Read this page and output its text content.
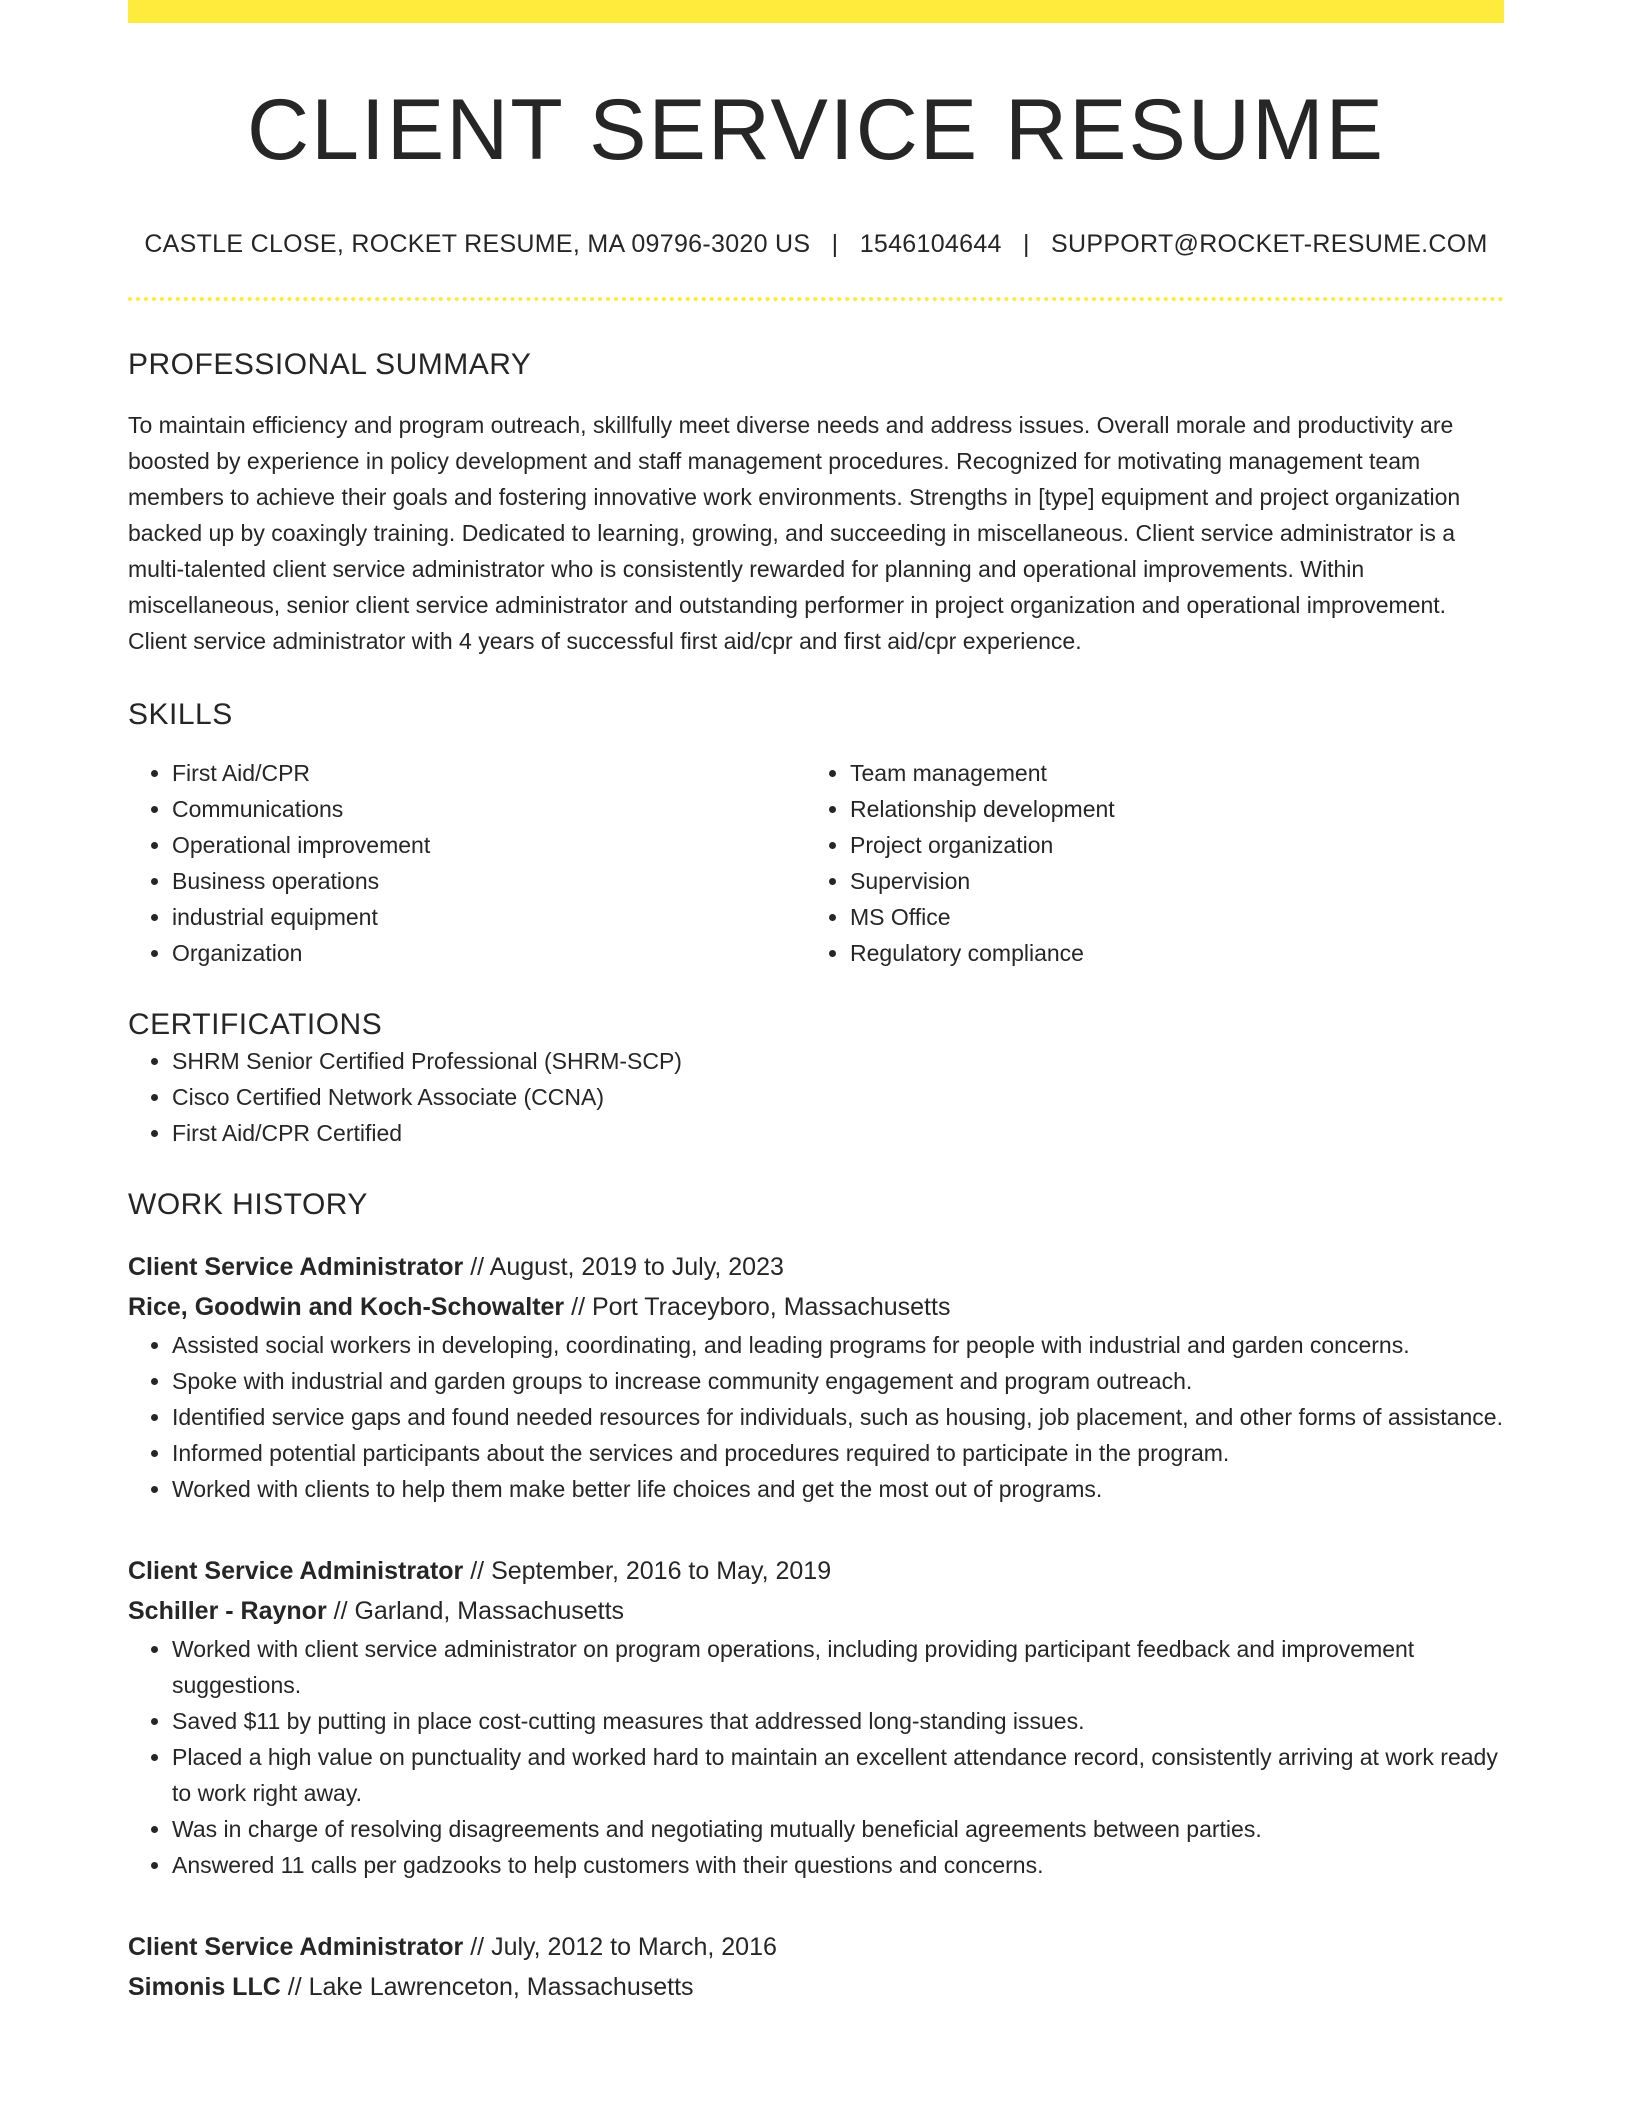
CLIENT SERVICE RESUME
CASTLE CLOSE, ROCKET RESUME, MA 09796-3020 US | 1546104644 | SUPPORT@ROCKET-RESUME.COM
PROFESSIONAL SUMMARY
To maintain efficiency and program outreach, skillfully meet diverse needs and address issues. Overall morale and productivity are boosted by experience in policy development and staff management procedures. Recognized for motivating management team members to achieve their goals and fostering innovative work environments. Strengths in [type] equipment and project organization backed up by coaxingly training. Dedicated to learning, growing, and succeeding in miscellaneous. Client service administrator is a multi-talented client service administrator who is consistently rewarded for planning and operational improvements. Within miscellaneous, senior client service administrator and outstanding performer in project organization and operational improvement. Client service administrator with 4 years of successful first aid/cpr and first aid/cpr experience.
SKILLS
• First Aid/CPR
• Communications
• Operational improvement
• Business operations
• industrial equipment
• Organization
• Team management
• Relationship development
• Project organization
• Supervision
• MS Office
• Regulatory compliance
CERTIFICATIONS
• SHRM Senior Certified Professional (SHRM-SCP)
• Cisco Certified Network Associate (CCNA)
• First Aid/CPR Certified
WORK HISTORY
Client Service Administrator // August, 2019 to July, 2023
Rice, Goodwin and Koch-Schowalter // Port Traceyboro, Massachusetts
• Assisted social workers in developing, coordinating, and leading programs for people with industrial and garden concerns.
• Spoke with industrial and garden groups to increase community engagement and program outreach.
• Identified service gaps and found needed resources for individuals, such as housing, job placement, and other forms of assistance.
• Informed potential participants about the services and procedures required to participate in the program.
• Worked with clients to help them make better life choices and get the most out of programs.
Client Service Administrator // September, 2016 to May, 2019
Schiller - Raynor // Garland, Massachusetts
• Worked with client service administrator on program operations, including providing participant feedback and improvement suggestions.
• Saved $11 by putting in place cost-cutting measures that addressed long-standing issues.
• Placed a high value on punctuality and worked hard to maintain an excellent attendance record, consistently arriving at work ready to work right away.
• Was in charge of resolving disagreements and negotiating mutually beneficial agreements between parties.
• Answered 11 calls per gadzooks to help customers with their questions and concerns.
Client Service Administrator // July, 2012 to March, 2016
Simonis LLC // Lake Lawrenceton, Massachusetts
